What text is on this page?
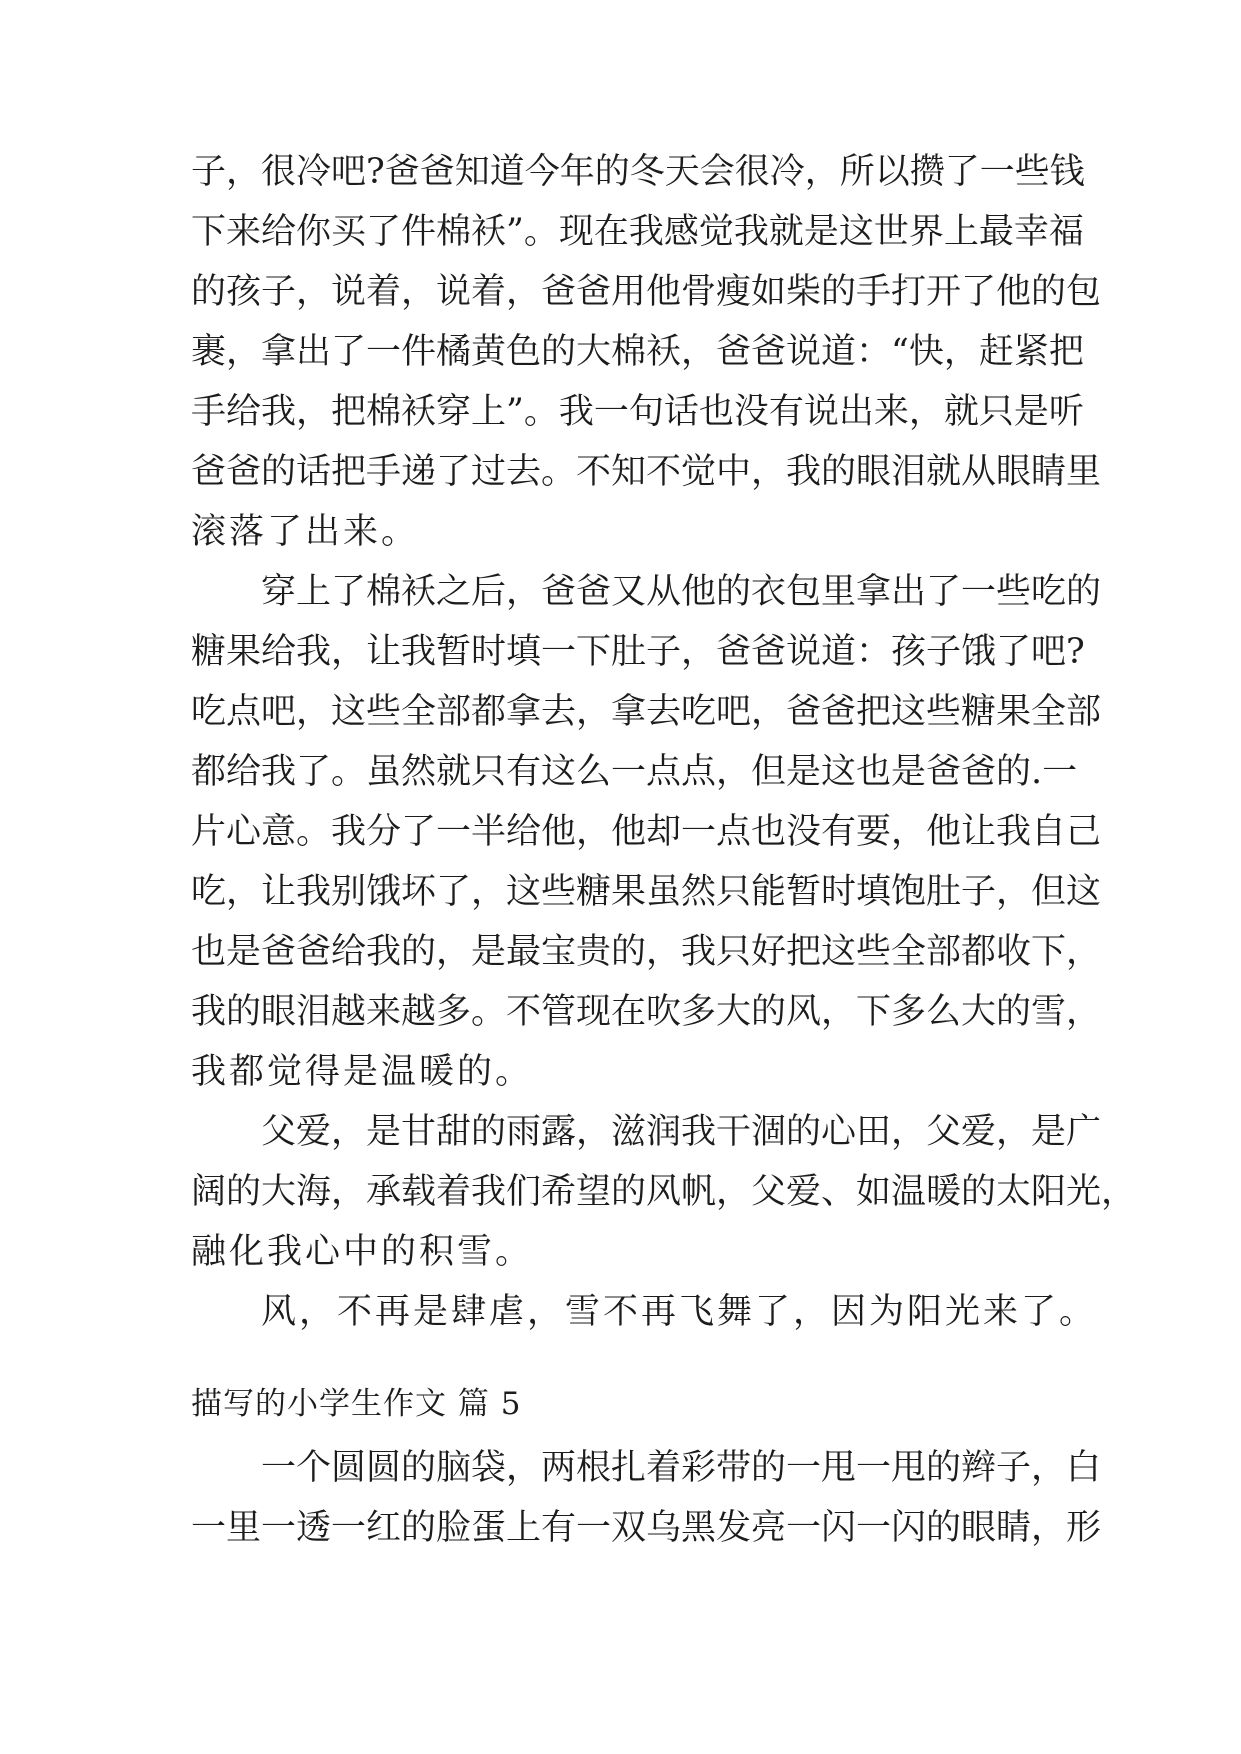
子，很冷吧?爸爸知道今年的冬天会很冷，所以攒了一些钱
下来给你买了件棉袄”。现在我感觉我就是这世界上最幸福
的孩子，说着，说着，爸爸用他骨瘦如柴的手打开了他的包
裹，拿出了一件橘黄色的大棉袄，爸爸说道：“快，赶紧把
手给我，把棉袄穿上”。我一句话也没有说出来，就只是听
爸爸的话把手递了过去。不知不觉中，我的眼泪就从眼睛里
滚落了出来。
穿上了棉袄之后，爸爸又从他的衣包里拿出了一些吃的
糖果给我，让我暂时填一下肚子，爸爸说道：孩子饿了吧?
吃点吧，这些全部都拿去，拿去吃吧，爸爸把这些糖果全部
都给我了。虽然就只有这么一点点，但是这也是爸爸的.一
片心意。我分了一半给他，他却一点也没有要，他让我自己
吃，让我别饿坏了，这些糖果虽然只能暂时填饱肚子，但这
也是爸爸给我的，是最宝贵的，我只好把这些全部都收下，
我的眼泪越来越多。不管现在吹多大的风，下多么大的雪，
我都觉得是温暖的。
父爱，是甘甜的雨露，滋润我干涸的心田，父爱，是广
阔的大海，承载着我们希望的风帆，父爱、如温暖的太阳光，
融化我心中的积雪。
风，不再是肆虐，雪不再飞舞了，因为阳光来了。
描写的小学生作文 篇 5
一个圆圆的脑袋，两根扎着彩带的一甩一甩的辫子，白
一里一透一红的脸蛋上有一双乌黑发亮一闪一闪的眼睛，形
